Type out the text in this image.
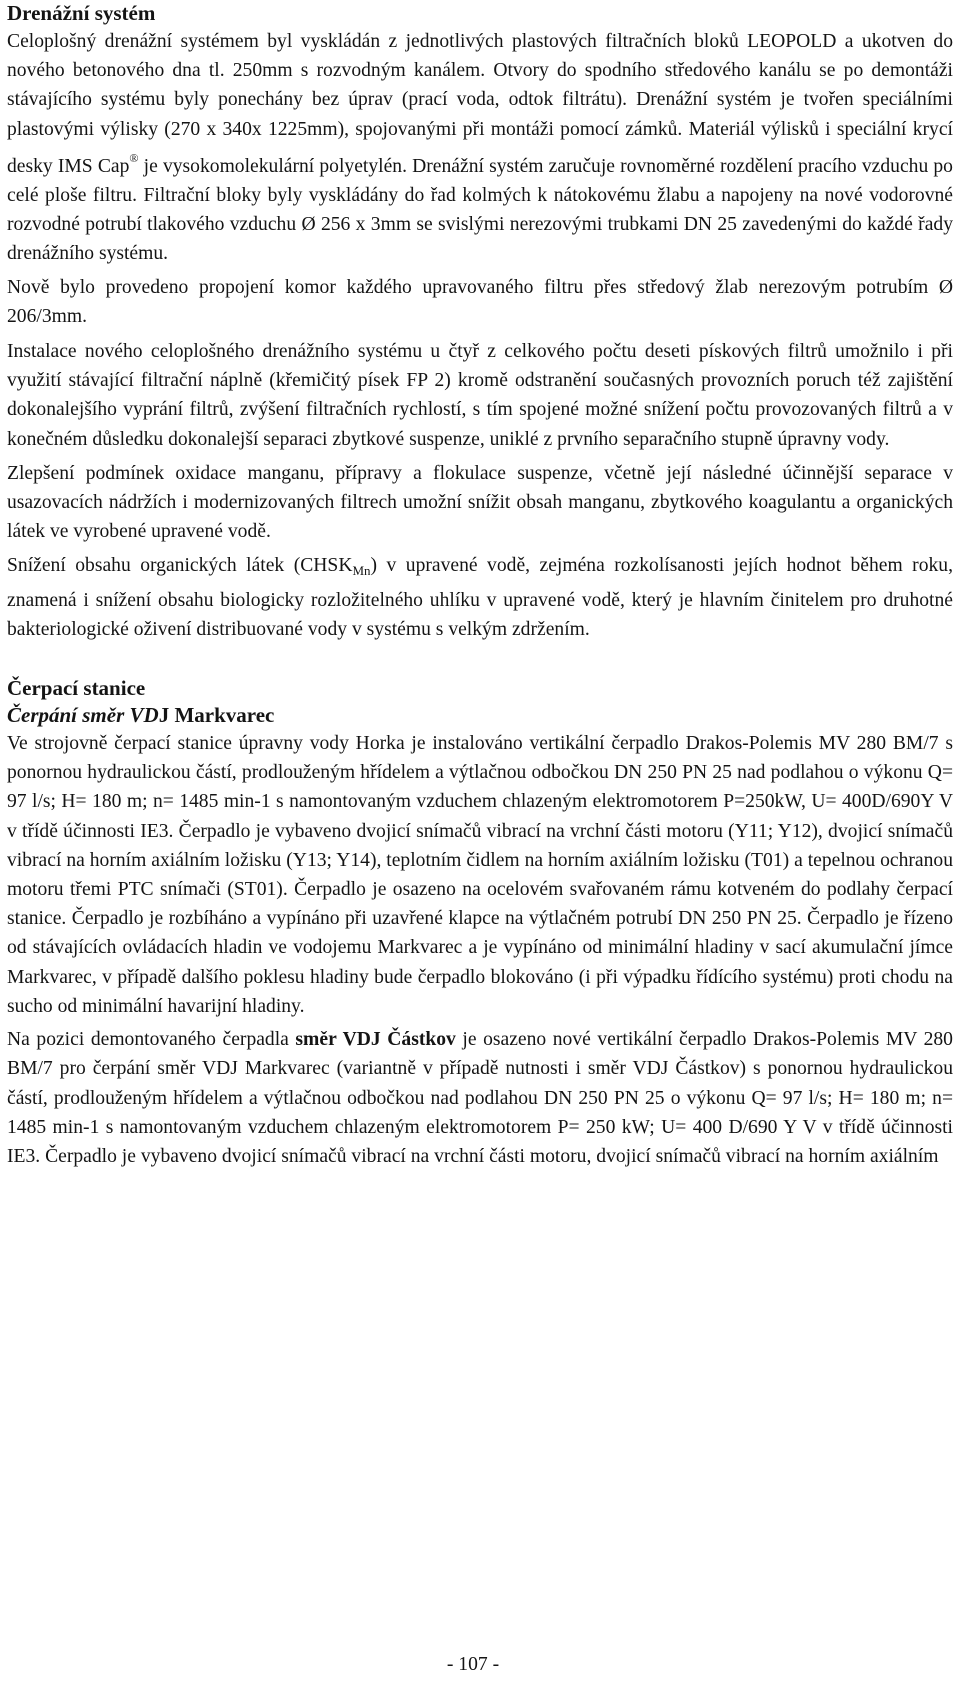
Drenážní systém

Celoplošný drenážní systémem byl vyskládán z jednotlivých plastových filtračních bloků LEOPOLD a ukotven do nového betonového dna tl. 250mm s rozvodným kanálem. Otvory do spodního středového kanálu se po demontáži stávajícího systému byly ponechány bez úprav (prací voda, odtok filtrátu). Drenážní systém je tvořen speciálními plastovými výlisky (270 x 340x 1225mm), spojovanými při montáži pomocí zámků. Materiál výlisků i speciální krycí desky IMS Cap® je vysokomolekulární polyetylén. Drenážní systém zaručuje rovnoměrné rozdělení pracího vzduchu po celé ploše filtru. Filtrační bloky byly vyskládány do řad kolmých k nátokovému žlabu a napojeny na nové vodorovné rozvodné potrubí tlakového vzduchu Ø 256 x 3mm se svislými nerezovými trubkami DN 25 zavedenými do každé řady drenážního systému.

Nově bylo provedeno propojení komor každého upravovaného filtru přes středový žlab nerezovým potrubím Ø 206/3mm.

Instalace nového celoplošného drenážního systému u čtyř z celkového počtu deseti pískových filtrů umožnilo i při využití stávající filtrační náplně (křemičitý písek FP 2) kromě odstranění současných provozních poruch též zajištění dokonalejšího vyprání filtrů, zvýšení filtračních rychlostí, s tím spojené možné snížení počtu provozovaných filtrů a v konečném důsledku dokonalejší separaci zbytkové suspenze, uniklé z prvního separačního stupně úpravny vody.

Zlepšení podmínek oxidace manganu, přípravy a flokulace suspenze, včetně její následné účinnější separace v usazovacích nádržích i modernizovaných filtrech umožní snížit obsah manganu, zbytkového koagulantu a organických látek ve vyrobené upravené vodě.

Snížení obsahu organických látek $(CHSK_{Mn})$ v upravené vodě, zejména rozkolísanosti jejích hodnot během roku, znamená i snížení obsahu biologicky rozložitelného uhlíku v upravené vodě, který je hlavním činitelem pro druhotné bakteriologické oživení distribuované vody v systému s velkým zdržením.

Čerpací stanice
Čerpání směr VDJ Markvarec

Ve strojovně čerpací stanice úpravny vody Horka je instalováno vertikální čerpadlo Drakos-Polemis MV 280 BM/7 s ponornou hydraulickou částí, prodlouženým hřídelem a výtlačnou odbočkou DN 250 PN 25 nad podlahou o výkonu Q= 97 l/s; H= 180 m; n= 1485 min-1 s namontovaným vzduchem chlazeným elektromotorem P=250kW, U= 400D/690Y V v třídě účinnosti IE3. Čerpadlo je vybaveno dvojicí snímačů vibrací na vrchní části motoru (Y11; Y12), dvojicí snímačů vibrací na horním axiálním ložisku (Y13; Y14), teplotním čidlem na horním axiálním ložisku (T01) a tepelnou ochranou motoru třemi PTC snímači (ST01). Čerpadlo je osazeno na ocelovém svařovaném rámu kotveném do podlahy čerpací stanice. Čerpadlo je rozbíháno a vypínáno při uzavřené klapce na výtlačném potrubí DN 250 PN 25. Čerpadlo je řízeno od stávajících ovládacích hladin ve vodojemu Markvarec a je vypínáno od minimální hladiny v sací akumulační jímce Markvarec, v případě dalšího poklesu hladiny bude čerpadlo blokováno (i při výpadku řídícího systému) proti chodu na sucho od minimální havarijní hladiny.

Na pozici demontovaného čerpadla směr VDJ Částkov je osazeno nové vertikální čerpadlo Drakos-Polemis MV 280 BM/7 pro čerpání směr VDJ Markvarec (variantně v případě nutnosti i směr VDJ Částkov) s ponornou hydraulickou částí, prodlouženým hřídelem a výtlačnou odbočkou nad podlahou DN 250 PN 25 o výkonu Q= 97 l/s; H= 180 m; n= 1485 min-1 s namontovaným vzduchem chlazeným elektromotorem P= 250 kW; U= 400 D/690 Y V v třídě účinnosti IE3. Čerpadlo je vybaveno dvojicí snímačů vibrací na vrchní části motoru, dvojicí snímačů vibrací na horním axiálním

- 107 -
